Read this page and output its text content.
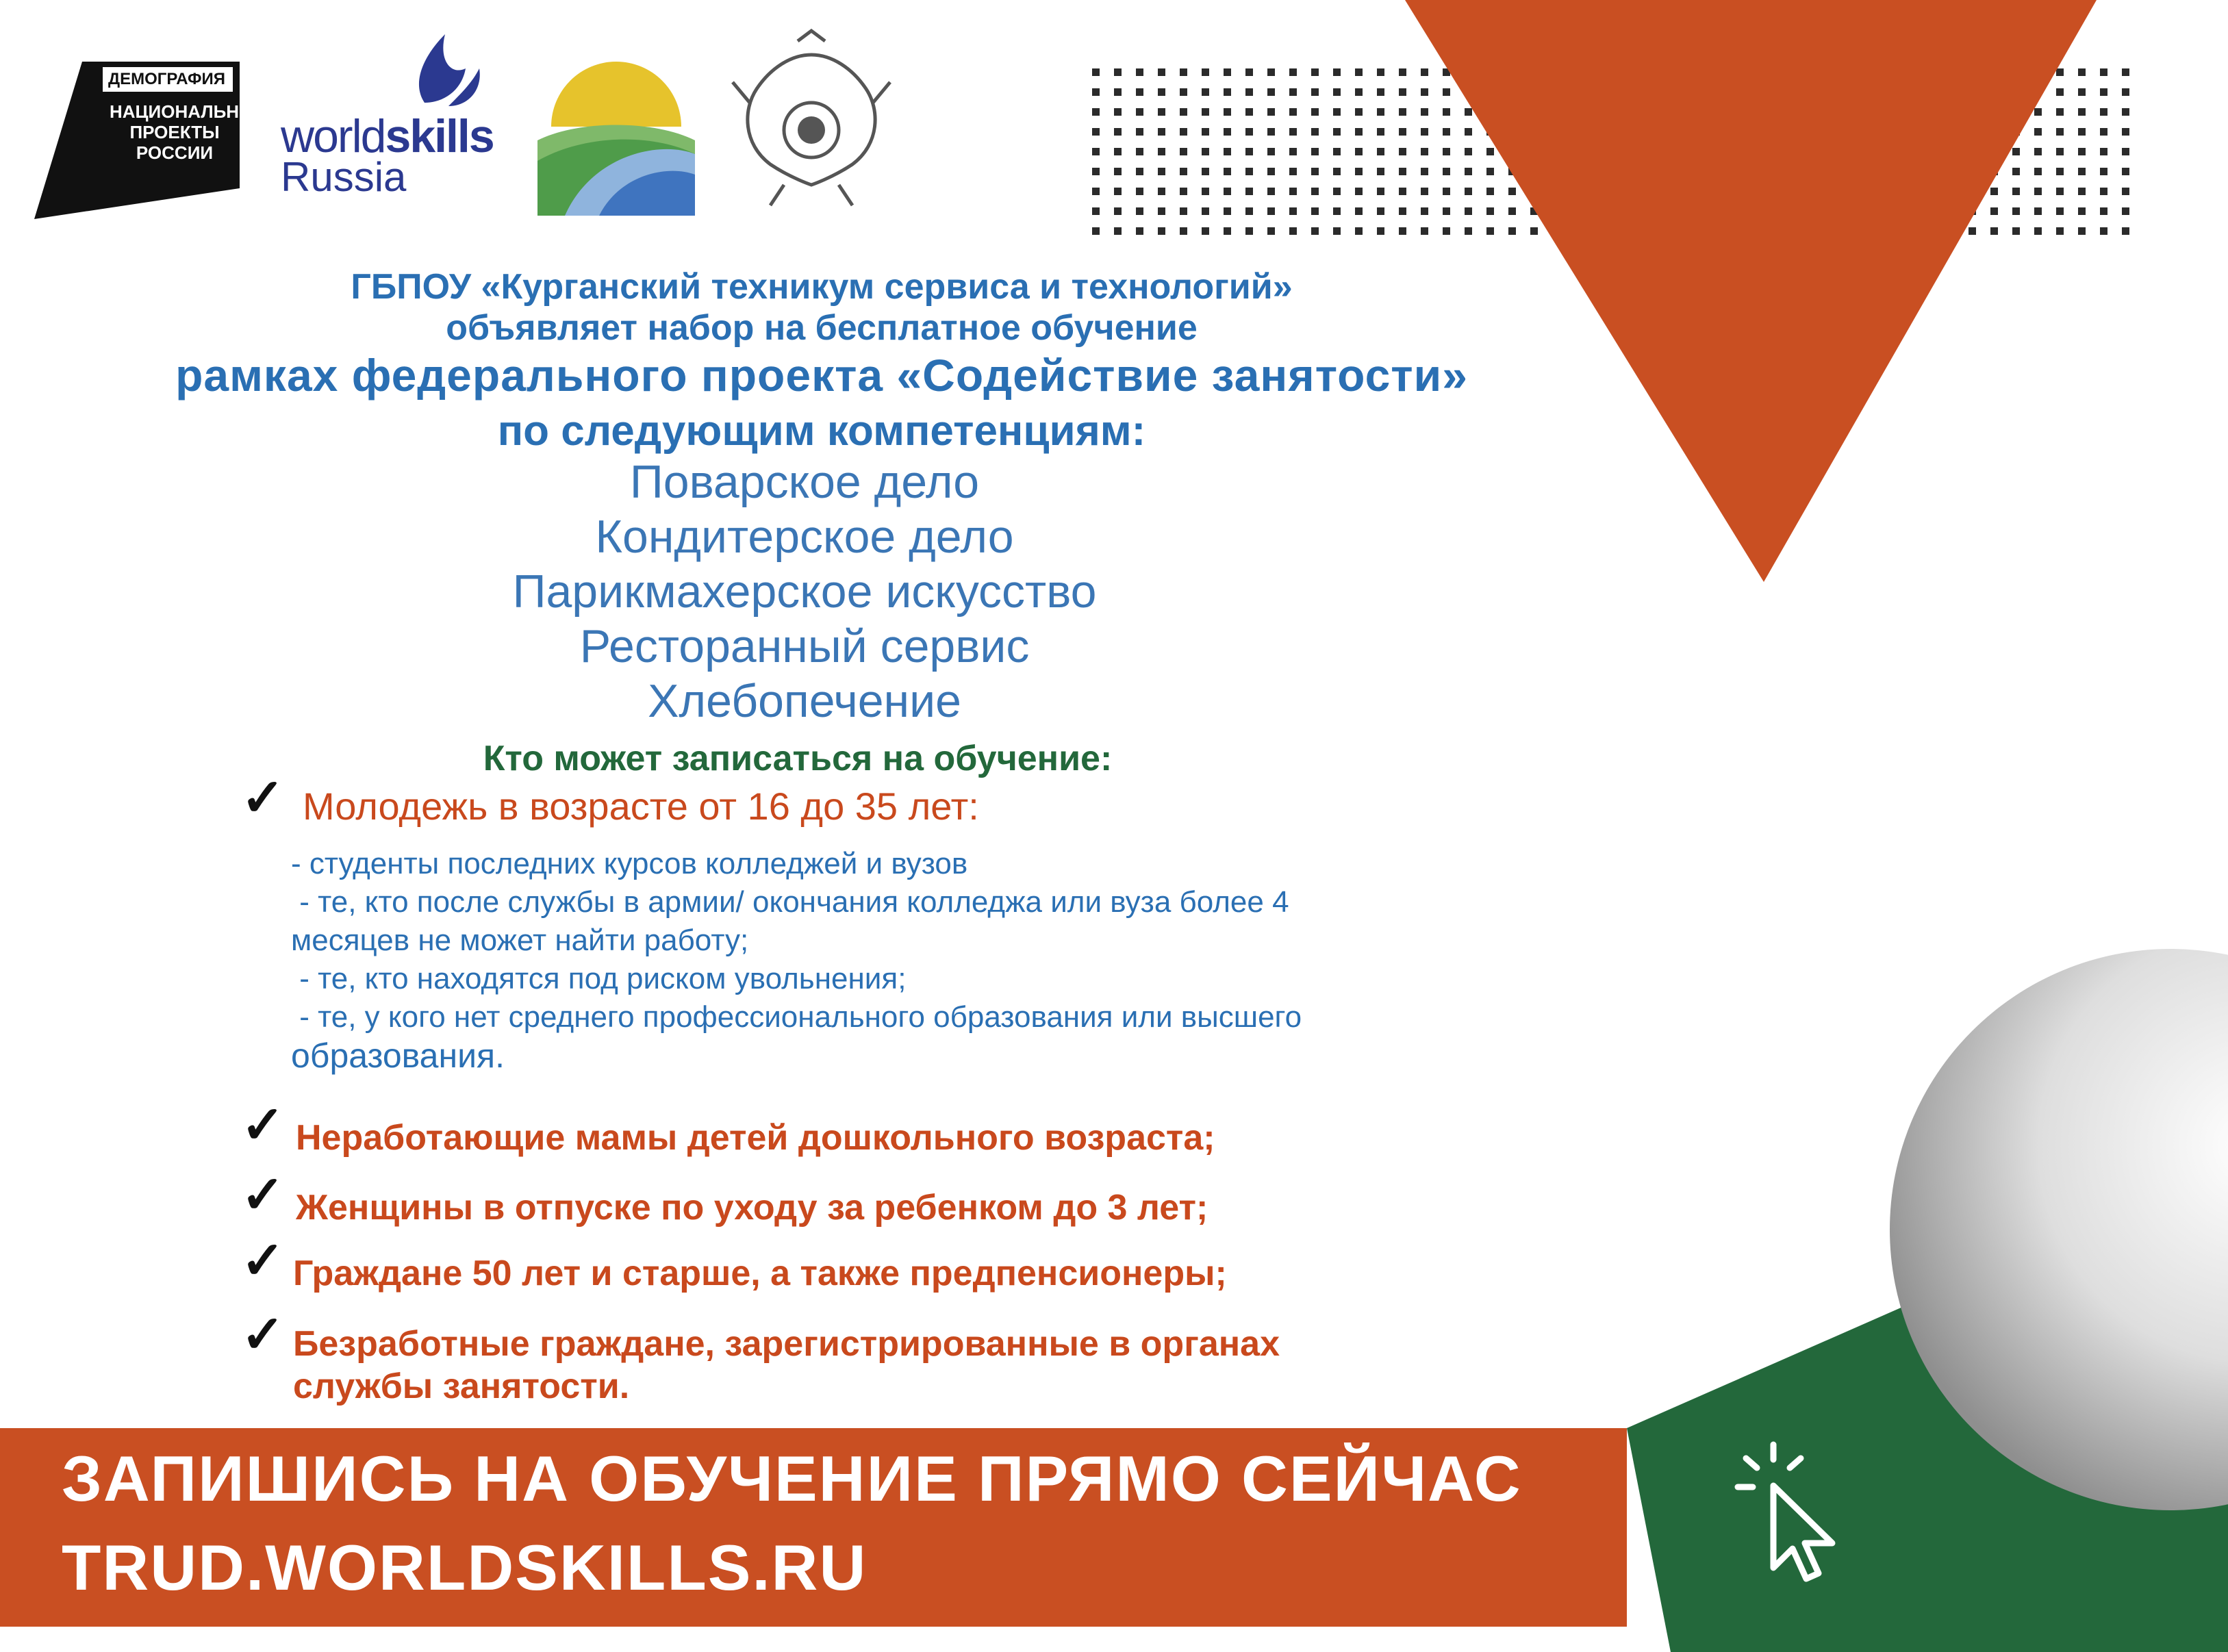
ДЕМОГРАФИЯ
НАЦИОНАЛЬНЫЕ
ПРОЕКТЫ
РОССИИ	worldskills
Russia
ГБПОУ «Курганский техникум сервиса и технологий»
объявляет набор на бесплатное обучение
рамках федерального проекта «Содействие занятости»
по следующим компетенциям:
Поварское дело
Кондитерское дело
Парикмахерское искусство
Ресторанный сервис
Хлебопечение
Кто может записаться на обучение:
✓ Молодежь в возрасте от 16 до 35 лет:
- студенты последних курсов колледжей и вузов
- те, кто после службы в армии/ окончания колледжа или вуза более 4
месяцев не может найти работу;
- те, кто находятся под риском увольнения;
- те, у кого нет среднего профессионального образования или высшего
образования.
✓ Неработающие мамы детей дошкольного возраста;
✓ Женщины в отпуске по уходу за ребенком до 3 лет;
✓ Граждане 50 лет и старше, а также предпенсионеры;
✓ Безработные граждане, зарегистрированные в органах
службы занятости.
ЗАПИШИСЬ НА ОБУЧЕНИЕ ПРЯМО СЕЙЧАС
TRUD.WORLDSKILLS.RU
